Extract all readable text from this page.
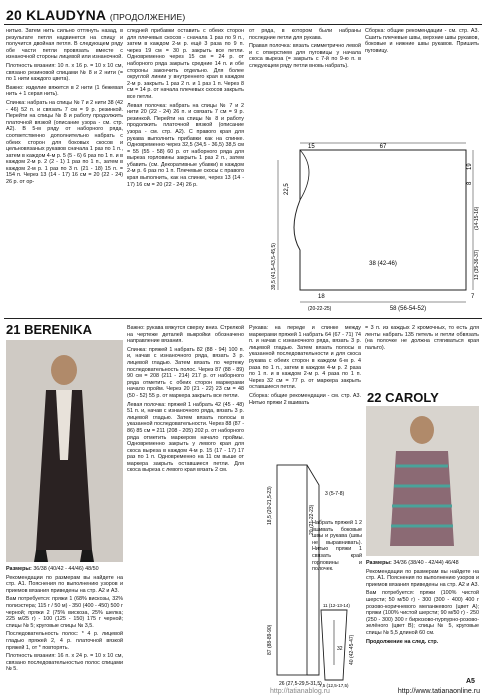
20 KLAUDYNA (ПРОДОЛЖЕНИЕ)

нитью. Затем нить сильно оттянуть назад, в результате петля надвинется на спицу и получится двойная петля. В следующем ряду обе части петли провязать вместе с изнаночной стороны лицевой или изнаночной.

Плотность вязания: 10 п. х 16 р. = 10 х 10 см, связано резиновой спицами № 8 и 2 нити (= по 1 нити каждого цвета).

Важно: изделие вяжется в 2 нити (1 бежевая нить + 1 серая нить).

Спинка: набрать на спицы № 7 и 2 нити 38 (42 - 46) 52 п. и связать 7 см = 9 р. резинкой. Перейти на спицы № 8 и работу продолжить платочной вязкой (описание узора - см. стр. А2). В 5-м ряду от наборного ряда, соответственно дополнительно набрать с обеих сторон для боковых скосов и цельновязаных рукавов сначала 1 раз по 1 п., затем в каждом 4-м р. 5 (5 - 6) 6 раз по 1 п. и в каждом 2-м р. 2 (2 - 1) 1 раз по 1 п., затем в каждом 2-м р. 1 раз по 3 п. (21 - 18) 15 п. = 154 п. Через 13 (14 - 17) 16 см = 20 (22 - 24) 26 р. от ор-

следней прибавки оставить с обеих сторон для плечевых скосов - сначала 1 раз по 9 п., затем в каждом 2-м р. ещё 3 раза по 9 п. через 19 см = 30 р. закрыть все петли. Одновременно через 15 см = 24 р. от наборного ряда закрыть средние 14 п. и обе стороны закончить отдельно. Для более округлой линии у внутреннего края в каждом 2-м р. закрыть 1 раз 2 п. и 1 раз 1 п. Через 8 см = 14 р. от начала плечевых скосов закрыть все петли.

Левая полочка: набрать на спицы № 7 и 2 нити 20 (22 - 24) 26 п. и связать 7 см = 9 р. резинкой. Перейти на спицы № 8 и работу продолжить платочной вязкой (описание узора - см. стр. А2). С правого края для рукава выполнить прибавки как на спинке. Одновременно через 32,5 (34,5 - 36,5) 38,5 см = 55 (55 - 58) 60 р. от наборного ряда для выреза горловины закрыть 1 раз 2 п., затем убавить (см. Декоративные убавки) в каждом 2-м р. 6 раз по 1 п. Плечевые скосы с правого края выполнить, как на спинке, через 13 (14 - 17) 16 см = 20 (22 - 24) 26 р.

от ряда, в котором были набраны последние петли для рукава.

Правая полочка: вязать симметрично левой и с отверстием для пуговицы у начала скоса выреза (= закрыть с 7-й по 9-ю п. в следующем ряду петли вновь набрать).

Сборка: общие рекомендации - см. стр. А3. Сшить плечевые швы, верхние швы рукавов, боковые и нижние швы рукавов. Пришить пуговицу.

67
15
22,5
19
8
(14-15-16)
13 (35-36-37)
39,5 (41,5-43,5-45,5)	38 (42-46)
18
(20-22-25)	58 (56-54-52)
7
21 BERENIKA

Размеры: 36/38 (40/42 - 44/46) 48/50

Рекомендации по размерам вы найдете на стр. А1. Пояснения по выполнению узоров и приемов вязания приведены на стр. А2 и А3.

Вам потребуется: пряжи 1 (68% вискозы, 32% полиэстера; 115 г / 50 м) - 350 (400 - 450) 500 г черной; пряжи 2 (75% вискоза, 25% шелка; 225 м/25 г) - 100 (125 - 150) 175 г черной; спицы № 5; круговые спицы № 3,5.

Последовательность полос: * 4 р. лицевой гладью пряжей 2, 4 р. платочной вязкой пряжей 1, от * повторять.

Плотность вязания: 16 п. х 24 р. = 10 х 10 см, связано последовательностью полос спицами № 5.

Важно: рукава вяжутся сверху вниз. Стрелкой на чертеже деталей выкройки обозначено направление вязания.

Спинка: пряжей 1 набрать 82 (88 - 94) 100 п. и, начав с изнаночного ряда, вязать 3 р. лицевой гладью. Затем вязать по чертежу последовательность полос. Через 87 (88 - 89) 90 см = 208 (211 - 214) 217 р. от наборного ряда отметить с обеих сторон маркерами начало пройм. Через 20 (21 - 22) 23 см = 48 (50 - 52) 55 р. от маркера закрыть все петли.

Левая полочка: пряжей 1 набрать 42 (45 - 48) 51 п. и, начав с изнаночного ряда, вязать 3 р. лицевой гладью. Затем вязать полосы в указанной последовательности. Через 88 (87 - 86) 85 см = 211 (208 - 205) 202 р. от наборного ряда отметить маркером начало проймы. Одновременно закрыть у левого края для скоса выреза в каждом 4-м р. 15 (17 - 17) 17 раз по 1 п. Одновременно на 11 см выше от маркера закрыть оставшиеся петли. Для скоса выреза с левого края вязать 2 см.

Рукава: на переде и спинке между маркерами пряжей 1 набрать 64 (67 - 71) 74 п. и начав с изнаночного ряда, вязать 3 р. лицевой гладью. Затем вязать полосы в указанной последовательности и для скоса рукава с обеих сторон в каждом 6-м р. 4 раза по 1 п., затем в каждом 4-м р. 2 раза по 1 п. и в каждом 2-м р. 4 раза по 1 п. Через 32 см = 77 р. от маркера закрыть оставшиеся петли.

Сборка: общие рекомендации - см. стр. А3. Нитью пряжи 2 вшивать

= 3 п. из каждых 2 кромочных, то есть для ленты набрать 135 петель и петли обвязать (на полочке не должна стягиваться края пальто).

18,5 (20-21,5-23)	20 (21-22-23)
87 (88-89-90)
3 (5-7-8)
26 (27,5-29,5-31,5)
11 (12-13-14)
7,5 (12,5-17,5)
40 (42-45-47)
32

Набрать пряжей 1 2 вшивать боковые швы и рукава (швы не выравнивать). Нитью пряжи 1 связать край горловины и полочек.

22 CAROLY

Размеры: 34/36 (38/40 - 42/44) 46/48

Рекомендации по размерам вы найдете на стр. А1. Пояснения по выполнению узоров и приемов вязания приведены на стр. А2 и А3.

Вам потребуется: пряжи (100% чистой шерсти; 50 м/50 г) - 300 (300 - 400) 400 г розово-коричневого меланжевого (цвет А); пряжи (100% чистой шерсти; 90 м/50 г) - 250 (250 - 300) 300 г бирюзово-пурпурно-розово-зелёного (цвет В); спицы № 5, круговые спицы № 5,5 длиной 60 см.

Продолжение на след. стр.

http://www.tatianaonline.ru
http://tatianablog.ru
А5
